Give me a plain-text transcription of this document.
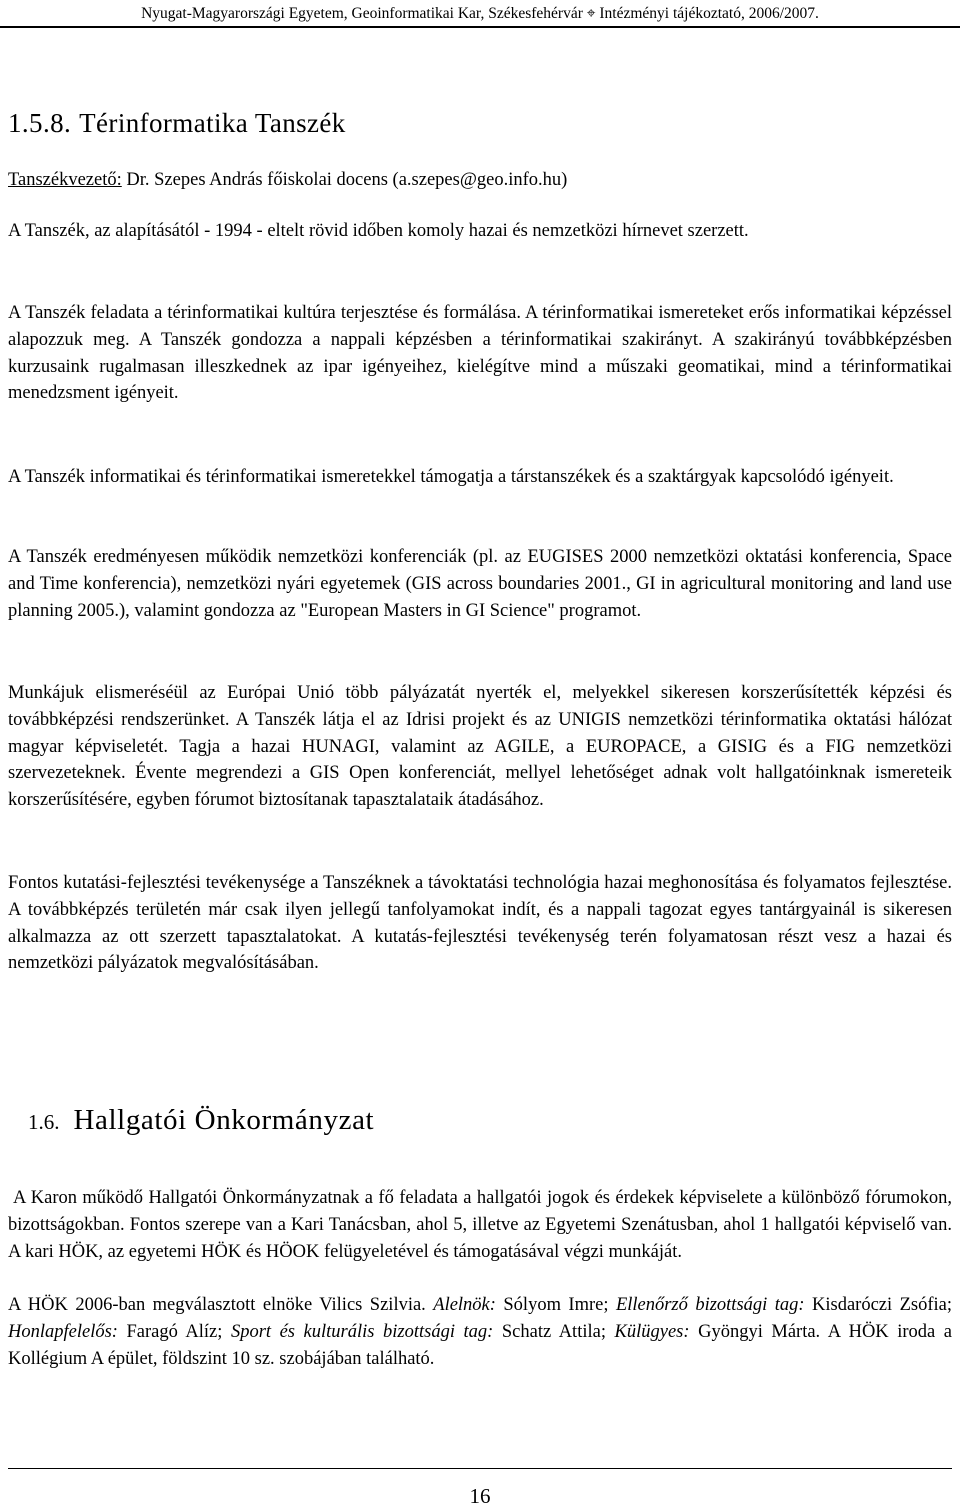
Nyugat-Magyarországi Egyetem, Geoinformatikai Kar, Székesfehérvár ⌖ Intézményi tájékoztató, 2006/2007.
1.5.8. Térinformatika Tanszék
Tanszékvezető: Dr. Szepes András főiskolai docens (a.szepes@geo.info.hu)

A Tanszék, az alapításától - 1994 - eltelt rövid időben komoly hazai és nemzetközi hírnevet szerzett.

A Tanszék feladata a térinformatikai kultúra terjesztése és formálása. A térinformatikai ismereteket erős informatikai képzéssel alapozzuk meg. A Tanszék gondozza a nappali képzésben a térinformatikai szakirányt. A szakirányú továbbképzésben kurzusaink rugalmasan illeszkednek az ipar igényeihez, kielégítve mind a műszaki geomatikai, mind a térinformatikai menedzsment igényeit.

A Tanszék informatikai és térinformatikai ismeretekkel támogatja a társtanszékek és a szaktárgyak kapcsolódó igényeit.

A Tanszék eredményesen működik nemzetközi konferenciák (pl. az EUGISES 2000 nemzetközi oktatási konferencia, Space and Time konferencia), nemzetközi nyári egyetemek (GIS across boundaries 2001., GI in agricultural monitoring and land use planning 2005.), valamint gondozza az "European Masters in GI Science" programot.

Munkájuk elismeréséül az Európai Unió több pályázatát nyerték el, melyekkel sikeresen korszerűsítették képzési és továbbképzési rendszerünket. A Tanszék látja el az Idrisi projekt és az UNIGIS nemzetközi térinformatika oktatási hálózat magyar képviseletét. Tagja a hazai HUNAGI, valamint az AGILE, a EUROPACE, a GISIG és a FIG nemzetközi szervezeteknek. Évente megrendezi a GIS Open konferenciát, mellyel lehetőséget adnak volt hallgatóinknak ismereteik korszerűsítésére, egyben fórumot biztosítanak tapasztalataik átadásához.

Fontos kutatási-fejlesztési tevékenysége a Tanszéknek a távoktatási technológia hazai meghonosítása és folyamatos fejlesztése. A továbbképzés területén már csak ilyen jellegű tanfolyamokat indít, és a nappali tagozat egyes tantárgyainál is sikeresen alkalmazza az ott szerzett tapasztalatokat. A kutatás-fejlesztési tevékenység terén folyamatosan részt vesz a hazai és nemzetközi pályázatok megvalósításában.

1.6. Hallgatói Önkormányzat

A Karon működő Hallgatói Önkormányzatnak a fő feladata a hallgatói jogok és érdekek képviselete a különböző fórumokon, bizottságokban. Fontos szerepe van a Kari Tanácsban, ahol 5, illetve az Egyetemi Szenátusban, ahol 1 hallgatói képviselő van. A kari HÖK, az egyetemi HÖK és HÖOK felügyeletével és támogatásával végzi munkáját.

A HÖK 2006-ban megválasztott elnöke Vilics Szilvia. Alelnök: Sólyom Imre; Ellenőrző bizottsági tag: Kisdaróczi Zsófia; Honlapfelelős: Faragó Alíz; Sport és kulturális bizottsági tag: Schatz Attila; Külügyes: Gyöngyi Márta. A HÖK iroda a Kollégium A épület, földszint 10 sz. szobájában található.

16
